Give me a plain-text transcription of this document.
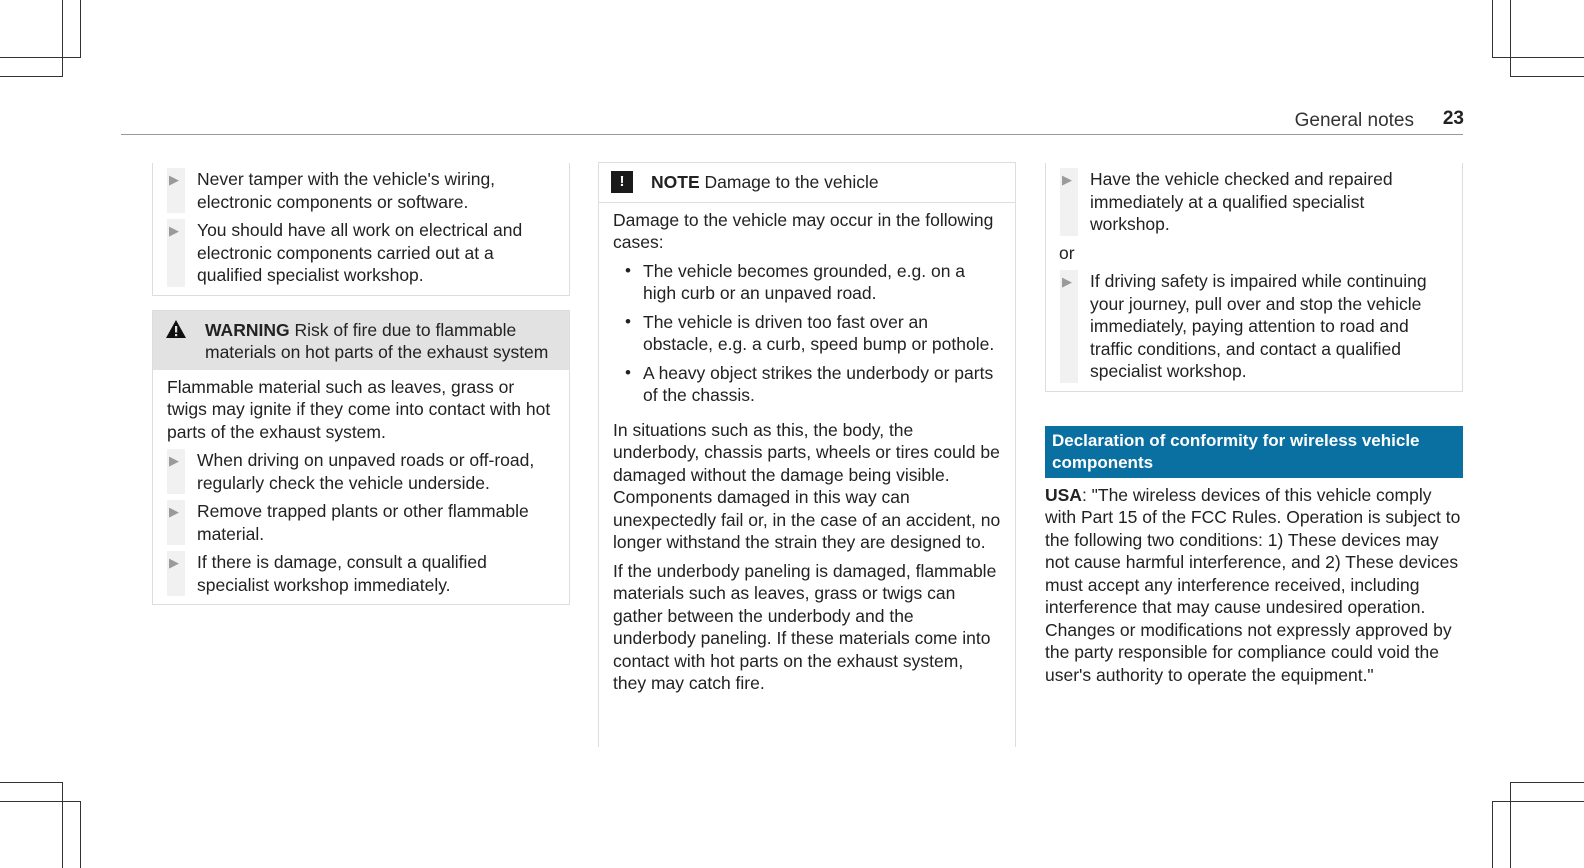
General notes	23
▶ Never tamper with the vehicle's wiring, electronic components or software.
▶ You should have all work on electrical and electronic components carried out at a qualified specialist workshop.
WARNING Risk of fire due to flammable materials on hot parts of the exhaust system

Flammable material such as leaves, grass or twigs may ignite if they come into contact with hot parts of the exhaust system.

▶ When driving on unpaved roads or off-road, regularly check the vehicle underside.
▶ Remove trapped plants or other flammable material.
▶ If there is damage, consult a qualified specialist workshop immediately.
!	NOTE Damage to the vehicle

Damage to the vehicle may occur in the following cases:

• The vehicle becomes grounded, e.g. on a high curb or an unpaved road.
• The vehicle is driven too fast over an obstacle, e.g. a curb, speed bump or pothole.
• A heavy object strikes the underbody or parts of the chassis.

In situations such as this, the body, the underbody, chassis parts, wheels or tires could be damaged without the damage being visible. Components damaged in this way can unexpectedly fail or, in the case of an accident, no longer withstand the strain they are designed to.

If the underbody paneling is damaged, flammable materials such as leaves, grass or twigs can gather between the underbody and the underbody paneling. If these materials come into contact with hot parts on the exhaust system, they may catch fire.

▶ Have the vehicle checked and repaired immediately at a qualified specialist workshop.
or
▶ If driving safety is impaired while continuing your journey, pull over and stop the vehicle immediately, paying attention to road and traffic conditions, and contact a qualified specialist workshop.
Declaration of conformity for wireless vehicle components

USA: "The wireless devices of this vehicle comply with Part 15 of the FCC Rules. Operation is subject to the following two conditions: 1) These devices may not cause harmful interference, and 2) These devices must accept any interference received, including interference that may cause undesired operation. Changes or modifications not expressly approved by the party responsible for compliance could void the user's authority to operate the equipment."
